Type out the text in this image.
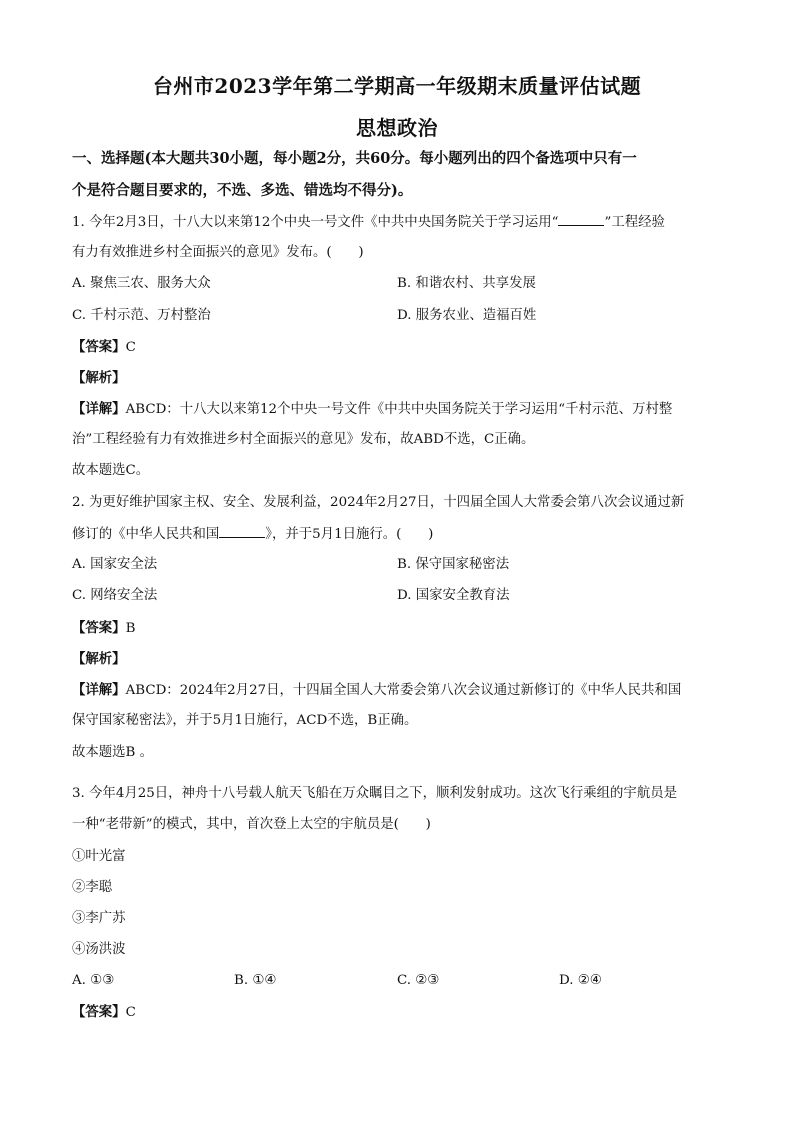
台州市2023学年第二学期高一年级期末质量评估试题
思想政治
一、选择题(本大题共30小题，每小题2分，共60分。每小题列出的四个备选项中只有一
个是符合题目要求的，不选、多选、错选均不得分)。
1. 今年2月3日，十八大以来第12个中央一号文件《中共中央国务院关于学习运用“	”工程经验
有力有效推进乡村全面振兴的意见》发布。(　　)
A. 聚焦三农、服务大众	B. 和谐农村、共享发展
C. 千村示范、万村整治	D. 服务农业、造福百姓
【答案】C
【解析】
【详解】ABCD：十八大以来第12个中央一号文件《中共中央国务院关于学习运用“千村示范、万村整
治”工程经验有力有效推进乡村全面振兴的意见》发布，故ABD不选，C正确。
故本题选C。
2. 为更好维护国家主权、安全、发展利益，2024年2月27日，十四届全国人大常委会第八次会议通过新
修订的《中华人民共和国	》，并于5月1日施行。(　　)
A. 国家安全法	B. 保守国家秘密法
C. 网络安全法	D. 国家安全教育法
【答案】B
【解析】
【详解】ABCD：2024年2月27日，十四届全国人大常委会第八次会议通过新修订的《中华人民共和国
保守国家秘密法》，并于5月1日施行，ACD不选，B正确。
故本题选B 。
3. 今年4月25日，神舟十八号载人航天飞船在万众瞩目之下，顺利发射成功。这次飞行乘组的宇航员是
一种“老带新”的模式，其中，首次登上太空的宇航员是(　　)
①叶光富
②李聪
③李广苏
④汤洪波
A. ①③	B. ①④	C. ②③	D. ②④
【答案】C
